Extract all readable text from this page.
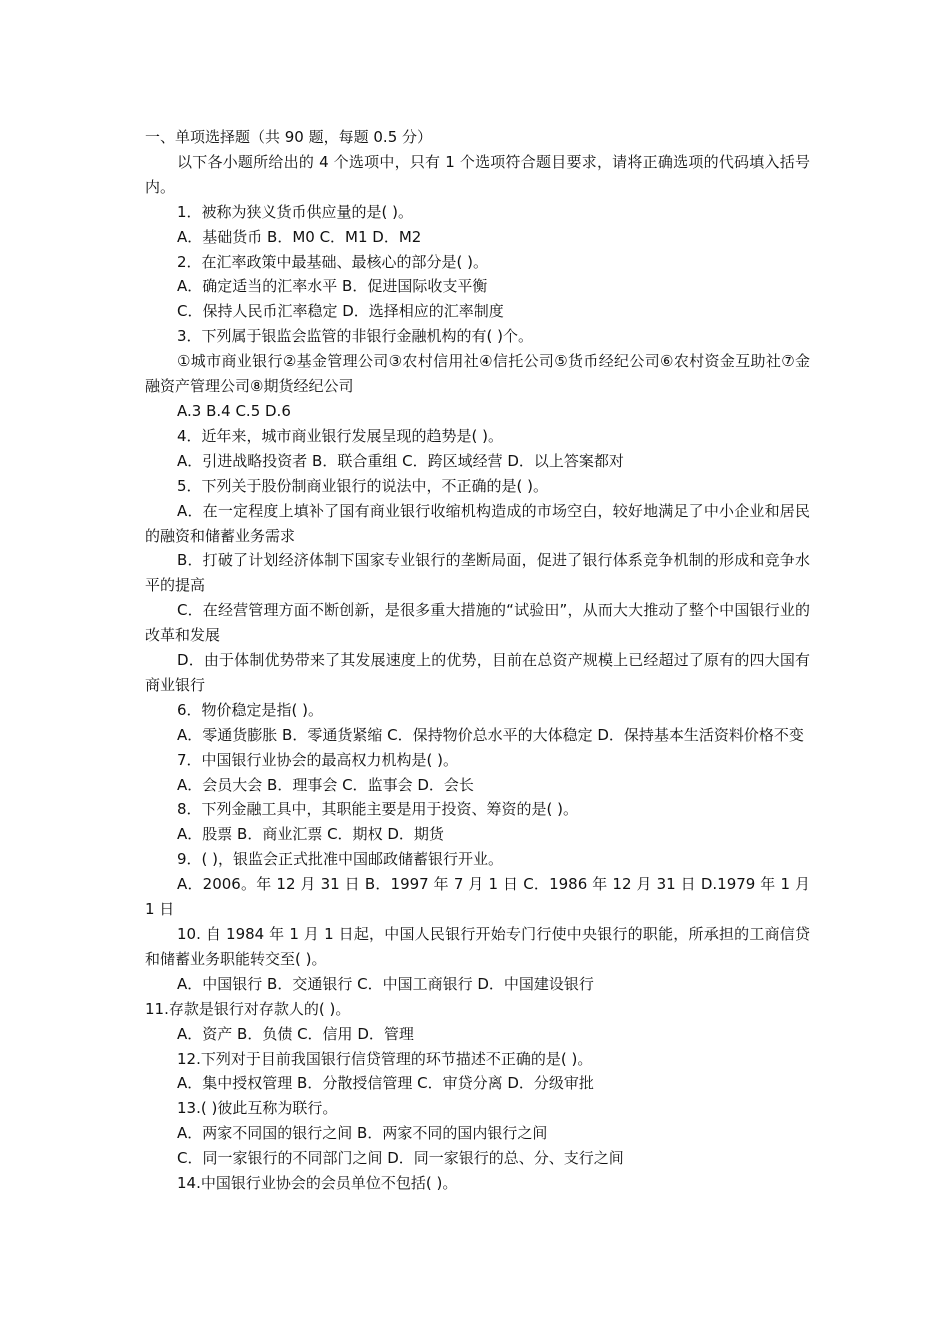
一、单项选择题（共 90 题，每题 0.5 分）

以下各小题所给出的 4 个选项中，只有 1 个选项符合题目要求，请将正确选项的代码填入括号内。

1．被称为狭义货币供应量的是( )。

A．基础货币 B．M0 C．M1 D．M2

2．在汇率政策中最基础、最核心的部分是( )。

A．确定适当的汇率水平 B．促进国际收支平衡

C．保持人民币汇率稳定 D．选择相应的汇率制度

3．下列属于银监会监管的非银行金融机构的有( )个。

①城市商业银行②基金管理公司③农村信用社④信托公司⑤货币经纪公司⑥农村资金互助社⑦金融资产管理公司⑧期货经纪公司

A.3 B.4 C.5 D.6

4．近年来，城市商业银行发展呈现的趋势是( )。

A．引进战略投资者 B．联合重组 C．跨区域经营 D．以上答案都对

5．下列关于股份制商业银行的说法中，不正确的是( )。

A．在一定程度上填补了国有商业银行收缩机构造成的市场空白，较好地满足了中小企业和居民的融资和储蓄业务需求

B．打破了计划经济体制下国家专业银行的垄断局面，促进了银行体系竞争机制的形成和竞争水平的提高

C．在经营管理方面不断创新，是很多重大措施的“试验田”，从而大大推动了整个中国银行业的改革和发展

D．由于体制优势带来了其发展速度上的优势，目前在总资产规模上已经超过了原有的四大国有商业银行

6．物价稳定是指( )。

A．零通货膨胀 B．零通货紧缩 C．保持物价总水平的大体稳定 D．保持基本生活资料价格不变

7．中国银行业协会的最高权力机构是( )。

A．会员大会 B．理事会 C．监事会 D．会长

8．下列金融工具中，其职能主要是用于投资、筹资的是( )。

A．股票 B．商业汇票 C．期权 D．期货

9．( )，银监会正式批准中国邮政储蓄银行开业。

A．2006。年 12 月 31 日 B．1997 年 7 月 1 日 C．1986 年 12 月 31 日 D.1979 年 1 月 1 日

10. 自 1984 年 1 月 1 日起，中国人民银行开始专门行使中央银行的职能，所承担的工商信贷和储蓄业务职能转交至( )。

A．中国银行 B．交通银行 C．中国工商银行 D．中国建设银行

11.存款是银行对存款人的( )。

A．资产 B．负债 C．信用 D．管理

12.下列对于目前我国银行信贷管理的环节描述不正确的是( )。

A．集中授权管理 B．分散授信管理 C．审贷分离 D．分级审批

13.( )彼此互称为联行。

A．两家不同国的银行之间 B．两家不同的国内银行之间

C．同一家银行的不同部门之间 D．同一家银行的总、分、支行之间

14.中国银行业协会的会员单位不包括( )。
